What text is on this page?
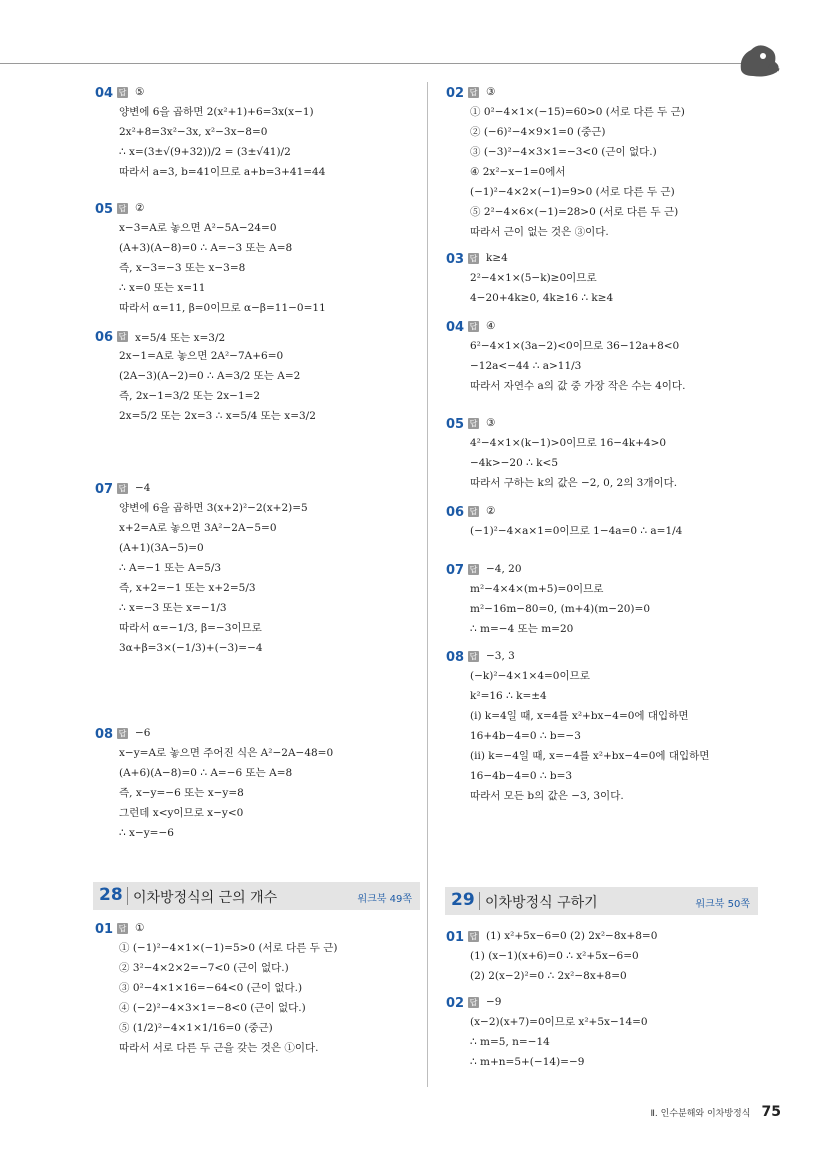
04 답 ⑤
양변에 6을 곱하면 2(x²+1)+6=3x(x−1)
2x²+8=3x²−3x, x²−3x−8=0
∴ x=(3±√(9+32))/2 = (3±√41)/2
따라서 a=3, b=41이므로 a+b=3+41=44
05 답 ②
x−3=A로 놓으면 A²−5A−24=0
(A+3)(A−8)=0 ∴ A=−3 또는 A=8
즉, x−3=−3 또는 x−3=8
∴ x=0 또는 x=11
따라서 α=11, β=0이므로 α−β=11−0=11
06 답 x=5/4 또는 x=3/2
2x−1=A로 놓으면 2A²−7A+6=0
(2A−3)(A−2)=0 ∴ A=3/2 또는 A=2
즉, 2x−1=3/2 또는 2x−1=2
2x=5/2 또는 2x=3 ∴ x=5/4 또는 x=3/2
07 답 −4
양변에 6을 곱하면 3(x+2)²−2(x+2)=5
x+2=A로 놓으면 3A²−2A−5=0
(A+1)(3A−5)=0
∴ A=−1 또는 A=5/3
즉, x+2=−1 또는 x+2=5/3
∴ x=−3 또는 x=−1/3
따라서 α=−1/3, β=−3이므로
3α+β=3×(−1/3)+(−3)=−4
08 답 −6
x−y=A로 놓으면 주어진 식은 A²−2A−48=0
(A+6)(A−8)=0 ∴ A=−6 또는 A=8
즉, x−y=−6 또는 x−y=8
그런데 x<y이므로 x−y<0
∴ x−y=−6
28 이차방정식의 근의 개수	워크북 49쪽
01 답 ①
① (−1)²−4×1×(−1)=5>0 (서로 다른 두 근)
② 3²−4×2×2=−7<0 (근이 없다.)
③ 0²−4×1×16=−64<0 (근이 없다.)
④ (−2)²−4×3×1=−8<0 (근이 없다.)
⑤ (1/2)²−4×1×1/16=0 (중근)
따라서 서로 다른 두 근을 갖는 것은 ①이다.
02 답 ③
① 0²−4×1×(−15)=60>0 (서로 다른 두 근)
② (−6)²−4×9×1=0 (중근)
③ (−3)²−4×3×1=−3<0 (근이 없다.)
④ 2x²−x−1=0에서
(−1)²−4×2×(−1)=9>0 (서로 다른 두 근)
⑤ 2²−4×6×(−1)=28>0 (서로 다른 두 근)
따라서 근이 없는 것은 ③이다.
03 답 k≥4
2²−4×1×(5−k)≥0이므로
4−20+4k≥0, 4k≥16 ∴ k≥4
04 답 ④
6²−4×1×(3a−2)<0이므로 36−12a+8<0
−12a<−44 ∴ a>11/3
따라서 자연수 a의 값 중 가장 작은 수는 4이다.
05 답 ③
4²−4×1×(k−1)>0이므로 16−4k+4>0
−4k>−20 ∴ k<5
따라서 구하는 k의 값은 −2, 0, 2의 3개이다.
06 답 ②
(−1)²−4×a×1=0이므로 1−4a=0 ∴ a=1/4
07 답 −4, 20
m²−4×4×(m+5)=0이므로
m²−16m−80=0, (m+4)(m−20)=0
∴ m=−4 또는 m=20
08 답 −3, 3
(−k)²−4×1×4=0이므로
k²=16 ∴ k=±4
(ⅰ) k=4일 때, x=4를 x²+bx−4=0에 대입하면
16+4b−4=0 ∴ b=−3
(ⅱ) k=−4일 때, x=−4를 x²+bx−4=0에 대입하면
16−4b−4=0 ∴ b=3
따라서 모든 b의 값은 −3, 3이다.
29 이차방정식 구하기	워크북 50쪽
01 답 (1) x²+5x−6=0 (2) 2x²−8x+8=0
(1) (x−1)(x+6)=0 ∴ x²+5x−6=0
(2) 2(x−2)²=0 ∴ 2x²−8x+8=0
02 답 −9
(x−2)(x+7)=0이므로 x²+5x−14=0
∴ m=5, n=−14
∴ m+n=5+(−14)=−9
Ⅱ. 인수분해와 이차방정식 75
